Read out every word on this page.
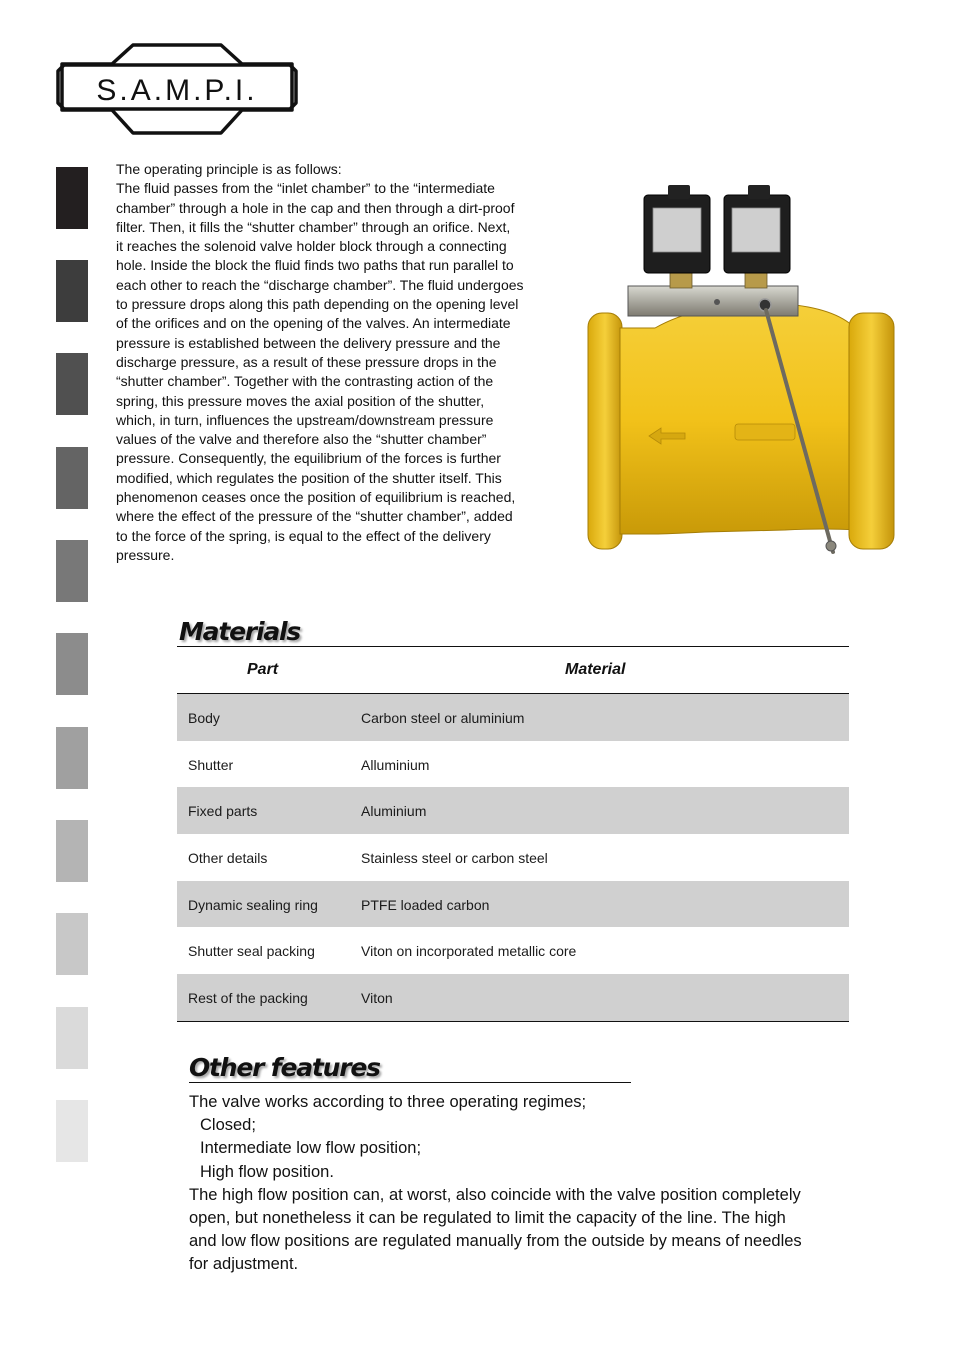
S.A.M.P.I.

The operating principle is as follows:
The fluid passes from the “inlet chamber” to the “intermediate
chamber” through a hole in the cap and then through a dirt-proof
filter. Then, it fills the “shutter chamber” through an orifice. Next,
it reaches the solenoid valve holder block through a connecting
hole. Inside the block the fluid finds two paths that run parallel to
each other to reach the “discharge chamber”. The fluid undergoes
to pressure drops along this path depending on the opening level
of the orifices and on the opening of the valves. An intermediate
pressure is established between the delivery pressure and the
discharge pressure, as a result of these pressure drops in the
“shutter chamber”. Together with the contrasting action of the
spring, this pressure moves the axial position of the shutter,
which, in turn, influences the upstream/downstream pressure
values of the valve and therefore also the “shutter chamber”
pressure. Consequently, the equilibrium of the forces is further
modified, which regulates the position of the shutter itself. This
phenomenon ceases once the position of equilibrium is reached,
where the effect of the pressure of the “shutter chamber”, added
to the force of the spring, is equal to the effect of the delivery
pressure.

Materials
Part	Material
Body	Carbon steel or aluminium
Shutter	Alluminium
Fixed parts	Aluminium
Other details	Stainless steel or carbon steel
Dynamic sealing ring	PTFE loaded carbon
Shutter seal packing	Viton on incorporated metallic core
Rest of the packing	Viton
Other features

The valve works according to three operating regimes;

Closed;

Intermediate low flow position;

High flow position.

The high flow position can, at worst, also coincide with the valve position completely

open, but nonetheless it can be regulated to limit the capacity of the line. The high

and low flow positions are regulated manually from the outside by means of needles

for adjustment.
